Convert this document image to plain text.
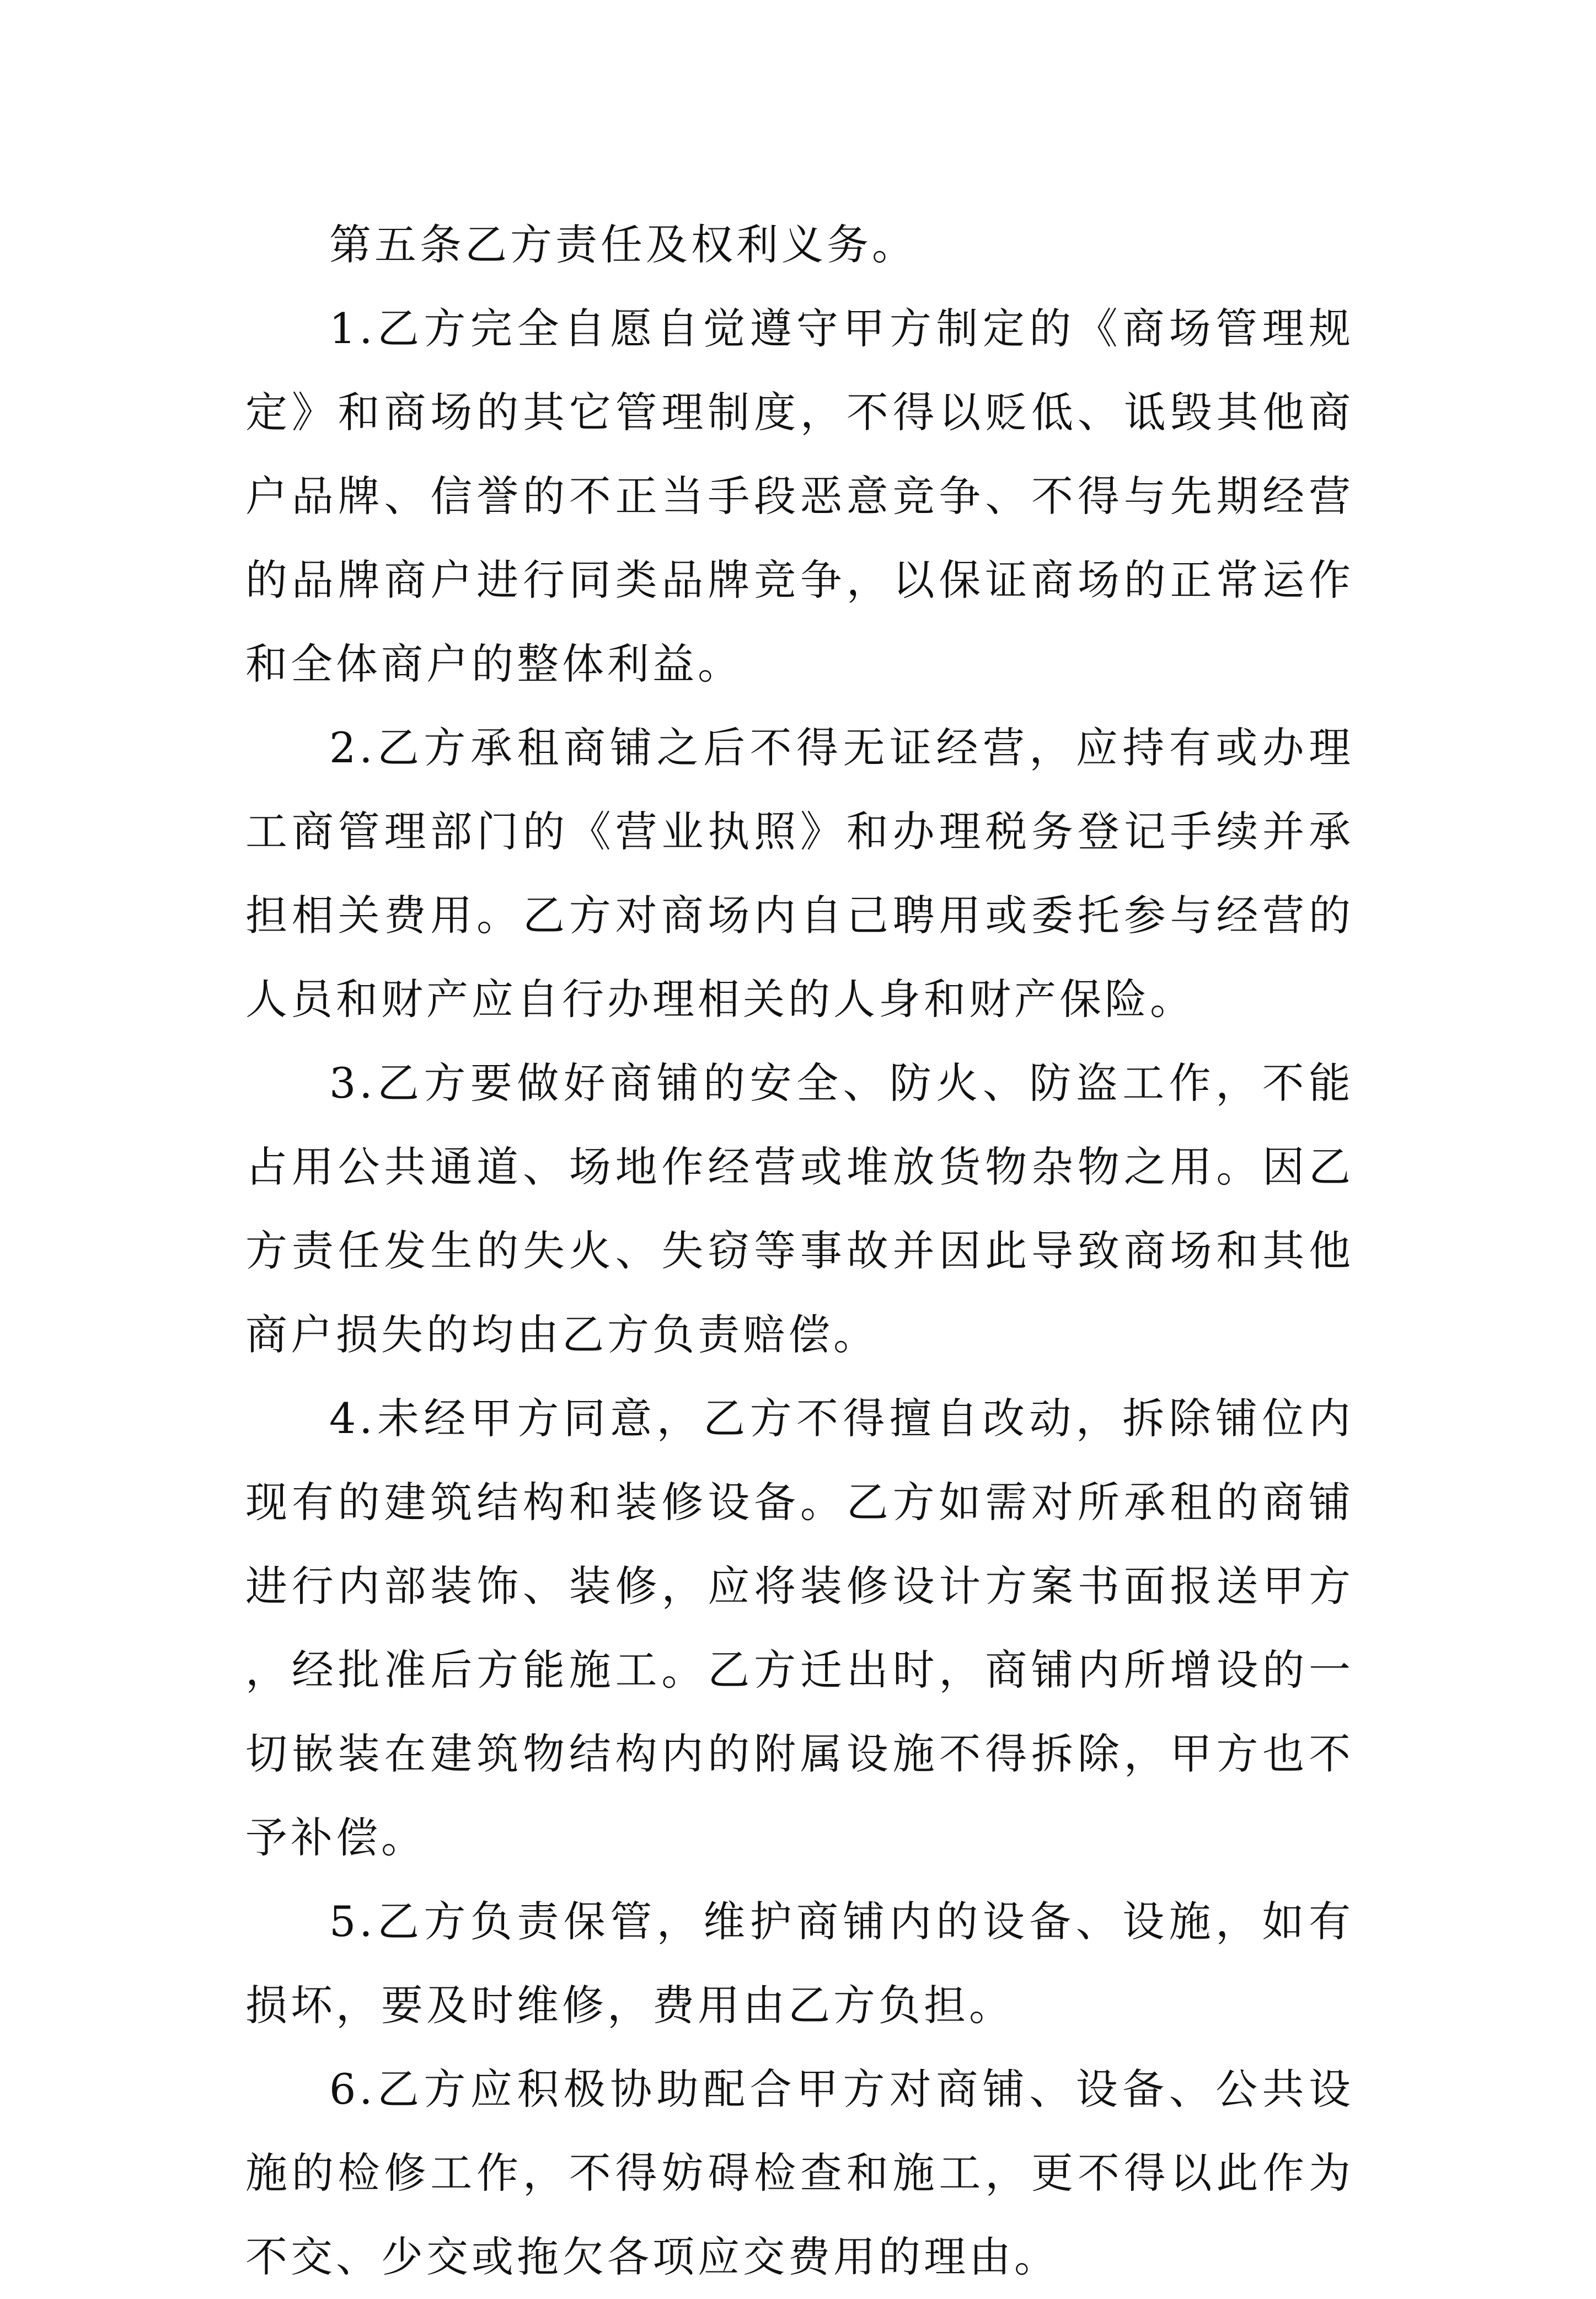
第五条乙方责任及权利义务。

1.乙方完全自愿自觉遵守甲方制定的《商场管理规定》和商场的其它管理制度，不得以贬低、诋毁其他商户品牌、信誉的不正当手段恶意竞争、不得与先期经营的品牌商户进行同类品牌竞争，以保证商场的正常运作和全体商户的整体利益。

2.乙方承租商铺之后不得无证经营，应持有或办理工商管理部门的《营业执照》和办理税务登记手续并承担相关费用。乙方对商场内自己聘用或委托参与经营的人员和财产应自行办理相关的人身和财产保险。

3.乙方要做好商铺的安全、防火、防盗工作，不能占用公共通道、场地作经营或堆放货物杂物之用。因乙方责任发生的失火、失窃等事故并因此导致商场和其他商户损失的均由乙方负责赔偿。

4.未经甲方同意，乙方不得擅自改动，拆除铺位内现有的建筑结构和装修设备。乙方如需对所承租的商铺进行内部装饰、装修，应将装修设计方案书面报送甲方，经批准后方能施工。乙方迁出时，商铺内所增设的一切嵌装在建筑物结构内的附属设施不得拆除，甲方也不予补偿。

5.乙方负责保管，维护商铺内的设备、设施，如有损坏，要及时维修，费用由乙方负担。

6.乙方应积极协助配合甲方对商铺、设备、公共设施的检修工作，不得妨碍检查和施工，更不得以此作为不交、少交或拖欠各项应交费用的理由。
